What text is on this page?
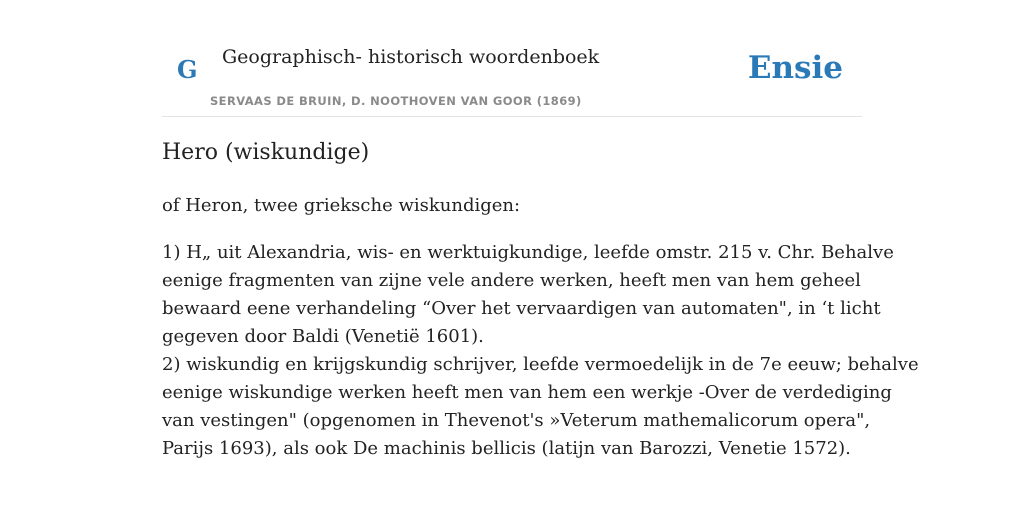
G Geographisch- historisch woordenboek
SERVAAS DE BRUIN, D. NOOTHOVEN VAN GOOR (1869)
Ensie
Hero (wiskundige)

of Heron, twee grieksche wiskundigen:

1) H„ uit Alexandria, wis- en werktuigkundige, leefde omstr. 215 v. Chr. Behalve
eenige fragmenten van zijne vele andere werken, heeft men van hem geheel
bewaard eene verhandeling “Over het vervaardigen van automaten", in ‘t licht
gegeven door Baldi (Venetië 1601).
2) wiskundig en krijgskundig schrijver, leefde vermoedelijk in de 7e eeuw; behalve
eenige wiskundige werken heeft men van hem een werkje -Over de verdediging
van vestingen" (opgenomen in Thevenot's »Veterum mathemalicorum opera",
Parijs 1693), als ook De machinis bellicis (latijn van Barozzi, Venetie 1572).
